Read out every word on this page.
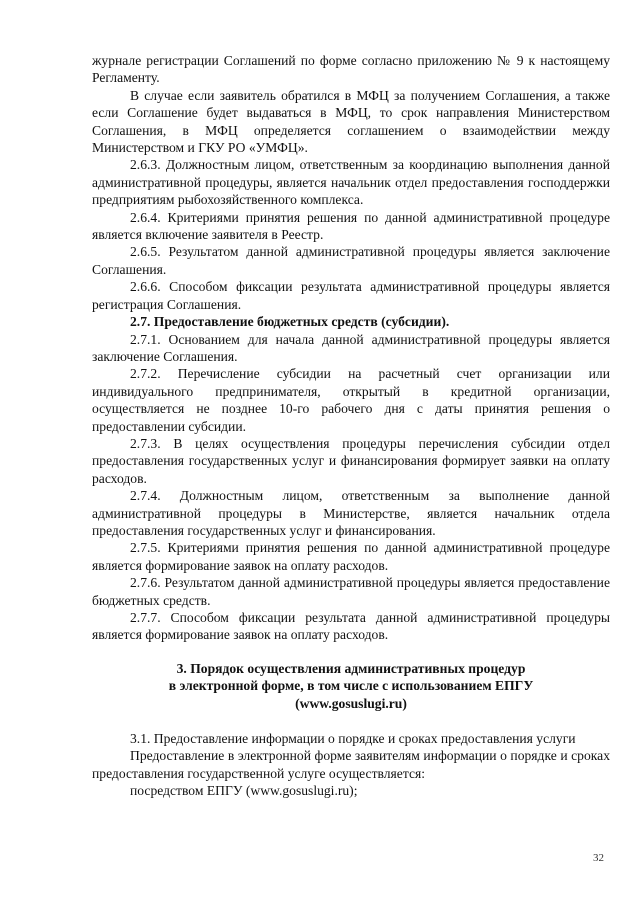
журнале регистрации Соглашений по форме согласно приложению № 9 к настоящему Регламенту.

В случае если заявитель обратился в МФЦ за получением Соглашения, а также если Соглашение будет выдаваться в МФЦ, то срок направления Министерством Соглашения, в МФЦ определяется соглашением о взаимодействии между Министерством и ГКУ РО «УМФЦ».

2.6.3. Должностным лицом, ответственным за координацию выполнения данной административной процедуры, является начальник отдел предоставления господдержки предприятиям рыбохозяйственного комплекса.

2.6.4. Критериями принятия решения по данной административной процедуре является включение заявителя в Реестр.

2.6.5. Результатом данной административной процедуры является заключение Соглашения.

2.6.6. Способом фиксации результата административной процедуры является регистрация Соглашения.

2.7. Предоставление бюджетных средств (субсидии).

2.7.1. Основанием для начала данной административной процедуры является заключение Соглашения.

2.7.2. Перечисление субсидии на расчетный счет организации или индивидуального предпринимателя, открытый в кредитной организации, осуществляется не позднее 10-го рабочего дня с даты принятия решения о предоставлении субсидии.

2.7.3. В целях осуществления процедуры перечисления субсидии отдел предоставления государственных услуг и финансирования формирует заявки на оплату расходов.

2.7.4. Должностным лицом, ответственным за выполнение данной административной процедуры в Министерстве, является начальник отдела предоставления государственных услуг и финансирования.

2.7.5. Критериями принятия решения по данной административной процедуре является формирование заявок на оплату расходов.

2.7.6. Результатом данной административной процедуры является предоставление бюджетных средств.

2.7.7. Способом фиксации результата данной административной процедуры является формирование заявок на оплату расходов.

3. Порядок осуществления административных процедур
в электронной форме, в том числе с использованием ЕПГУ
(www.gosuslugi.ru)

3.1. Предоставление информации о порядке и сроках предоставления услуги

Предоставление в электронной форме заявителям информации о порядке и сроках предоставления государственной услуге осуществляется:

посредством ЕПГУ (www.gosuslugi.ru);

32
